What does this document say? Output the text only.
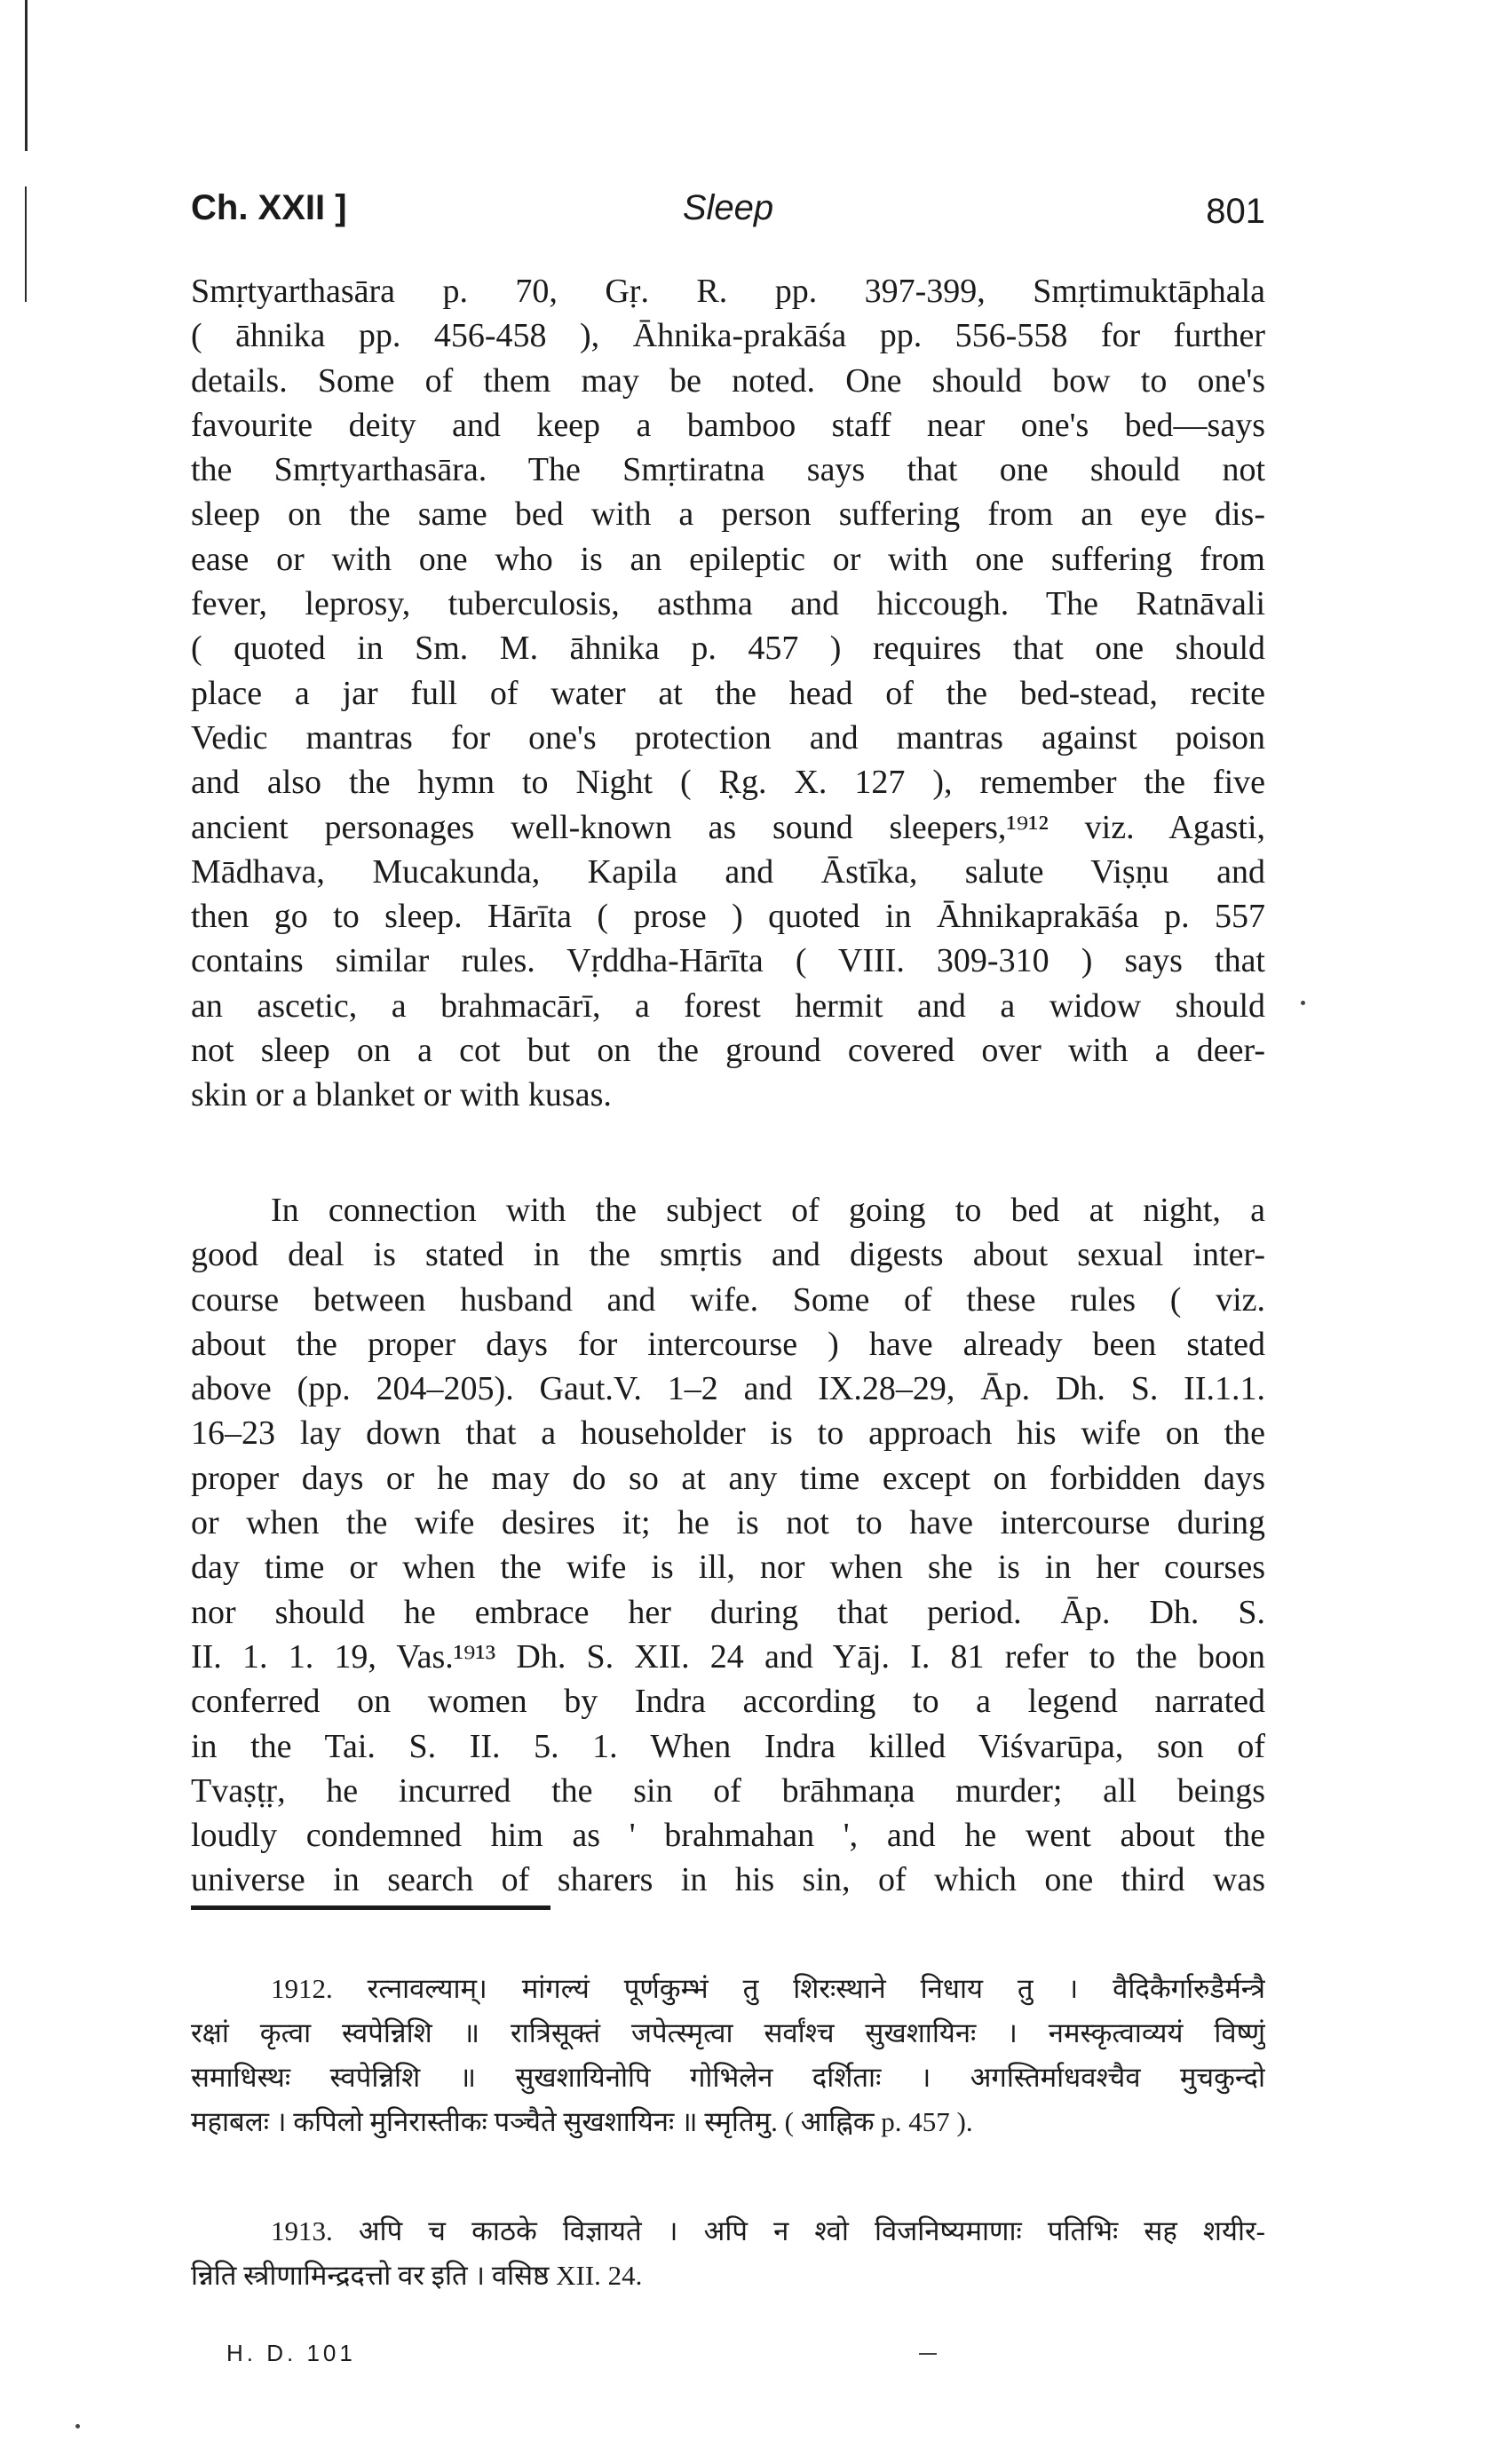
Ch. XXII ]	Sleep	801
Smṛtyarthasāra p. 70, Gṛ. R. pp. 397-399, Smṛtimuktāphala
( āhnika pp. 456-458 ), Āhnika-prakāśa pp. 556-558 for further
details. Some of them may be noted. One should bow to one's
favourite deity and keep a bamboo staff near one's bed—says
the Smṛtyarthasāra. The Smṛtiratna says that one should not
sleep on the same bed with a person suffering from an eye dis-
ease or with one who is an epileptic or with one suffering from
fever, leprosy, tuberculosis, asthma and hiccough. The Ratnāvali
( quoted in Sm. M. āhnika p. 457 ) requires that one should
place a jar full of water at the head of the bed-stead, recite
Vedic mantras for one's protection and mantras against poison
and also the hymn to Night ( Ṛg. X. 127 ), remember the five
ancient personages well-known as sound sleepers,¹⁹¹² viz. Agasti,
Mādhava, Mucakunda, Kapila and Āstīka, salute Viṣṇu and
then go to sleep. Hārīta ( prose ) quoted in Āhnikaprakāśa p. 557
contains similar rules. Vṛddha-Hārīta ( VIII. 309-310 ) says that
an ascetic, a brahmacārī, a forest hermit and a widow should
not sleep on a cot but on the ground covered over with a deer-
skin or a blanket or with kusas.
In connection with the subject of going to bed at night, a
good deal is stated in the smṛtis and digests about sexual inter-
course between husband and wife. Some of these rules ( viz.
about the proper days for intercourse ) have already been stated
above (pp. 204–205). Gaut.V. 1–2 and IX.28–29, Āp. Dh. S. II.1.1.
16–23 lay down that a householder is to approach his wife on the
proper days or he may do so at any time except on forbidden days
or when the wife desires it; he is not to have intercourse during
day time or when the wife is ill, nor when she is in her courses
nor should he embrace her during that period. Āp. Dh. S.
II. 1. 1. 19, Vas.¹⁹¹³ Dh. S. XII. 24 and Yāj. I. 81 refer to the boon
conferred on women by Indra according to a legend narrated
in the Tai. S. II. 5. 1. When Indra killed Viśvarūpa, son of
Tvaṣṭṛ, he incurred the sin of brāhmaṇa murder; all beings
loudly condemned him as ' brahmahan ', and he went about the
universe in search of sharers in his sin, of which one third was
1912. रत्नावल्याम्। मांगल्यं पूर्णकुम्भं तु शिरःस्थाने निधाय तु । वैदिकैर्गारुडैर्मन्त्रै
रक्षां कृत्वा स्वपेन्निशि ॥ रात्रिसूक्तं जपेत्स्मृत्वा सर्वांश्च सुखशायिनः । नमस्कृत्वाव्ययं विष्णुं
समाधिस्थः स्वपेन्निशि ॥ सुखशायिनोपि गोभिलेन दर्शिताः । अगस्तिर्माधवश्चैव मुचकुन्दो
महाबलः । कपिलो मुनिरास्तीकः पञ्चैते सुखशायिनः ॥ स्मृतिमु. ( आह्निक p. 457 ).
1913. अपि च काठके विज्ञायते । अपि न श्वो विजनिष्यमाणाः पतिभिः सह शयीर-
न्निति स्त्रीणामिन्द्रदत्तो वर इति । वसिष्ठ XII. 24.
H. D. 101
